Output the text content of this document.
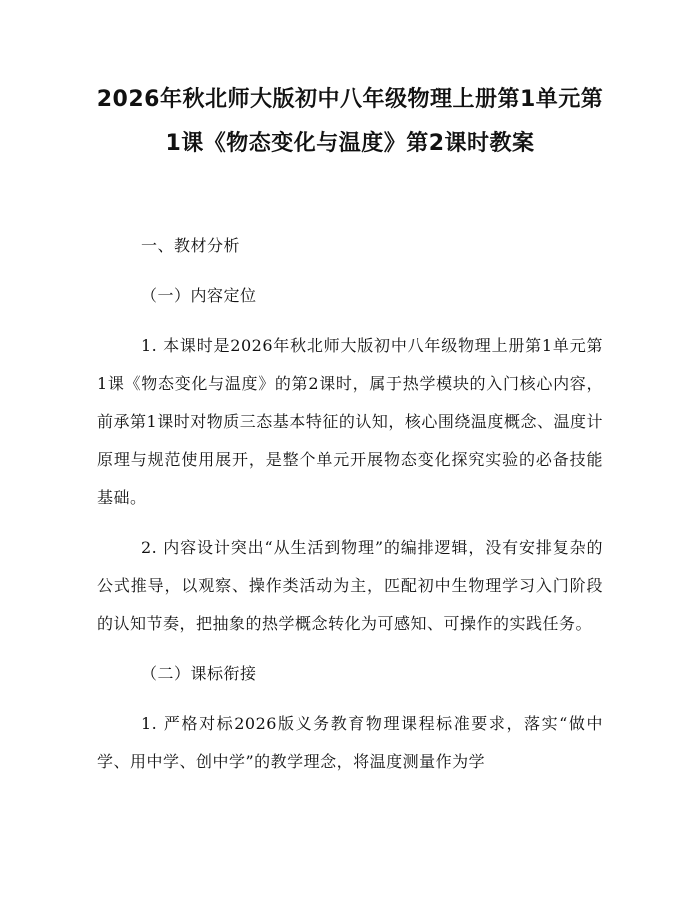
2026年秋北师大版初中八年级物理上册第1单元第1课《物态变化与温度》第2课时教案

一、教材分析

（一）内容定位

1. 本课时是2026年秋北师大版初中八年级物理上册第1单元第1课《物态变化与温度》的第2课时，属于热学模块的入门核心内容，前承第1课时对物质三态基本特征的认知，核心围绕温度概念、温度计原理与规范使用展开，是整个单元开展物态变化探究实验的必备技能基础。

2. 内容设计突出“从生活到物理”的编排逻辑，没有安排复杂的公式推导，以观察、操作类活动为主，匹配初中生物理学习入门阶段的认知节奏，把抽象的热学概念转化为可感知、可操作的实践任务。

（二）课标衔接

1. 严格对标2026版义务教育物理课程标准要求，落实“做中学、用中学、创中学”的教学理念，将温度测量作为学
